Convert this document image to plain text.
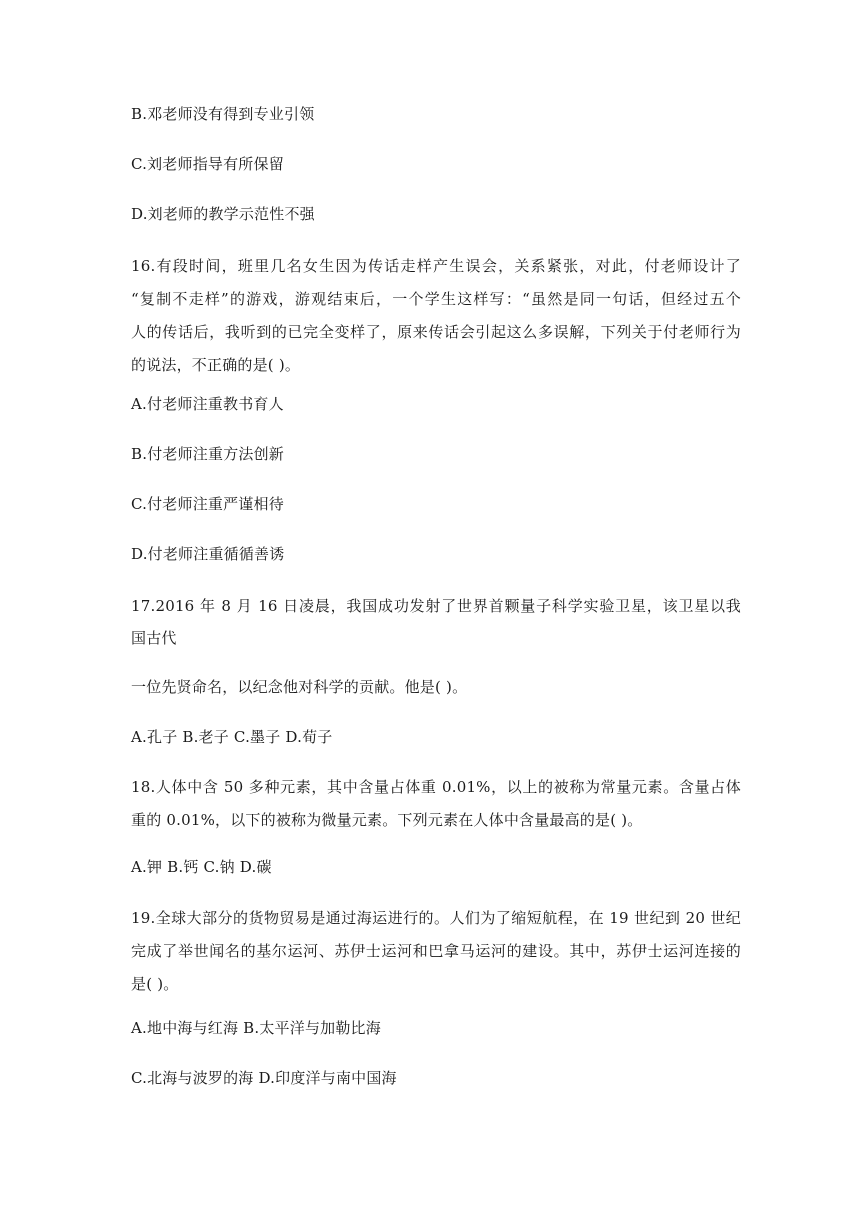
B.邓老师没有得到专业引领
C.刘老师指导有所保留
D.刘老师的教学示范性不强
16.有段时间，班里几名女生因为传话走样产生误会，关系紧张，对此，付老师设计了
“复制不走样”的游戏，游观结束后，一个学生这样写：“虽然是同一句话，但经过五个
人的传话后，我听到的已完全变样了，原来传话会引起这么多误解，下列关于付老师行为
的说法，不正确的是( )。
A.付老师注重教书育人
B.付老师注重方法创新
C.付老师注重严谨相待
D.付老师注重循循善诱
17.2016 年 8 月 16 日凌晨，我国成功发射了世界首颗量子科学实验卫星，该卫星以我
国古代
一位先贤命名，以纪念他对科学的贡献。他是( )。
A.孔子 B.老子 C.墨子 D.荀子
18.人体中含 50 多种元素，其中含量占体重 0.01%，以上的被称为常量元素。含量占体
重的 0.01%，以下的被称为微量元素。下列元素在人体中含量最高的是( )。
A.钾 B.钙 C.钠 D.碳
19.全球大部分的货物贸易是通过海运进行的。人们为了缩短航程，在 19 世纪到 20 世纪
完成了举世闻名的基尔运河、苏伊士运河和巴拿马运河的建设。其中，苏伊士运河连接的
是( )。
A.地中海与红海 B.太平洋与加勒比海
C.北海与波罗的海 D.印度洋与南中国海
